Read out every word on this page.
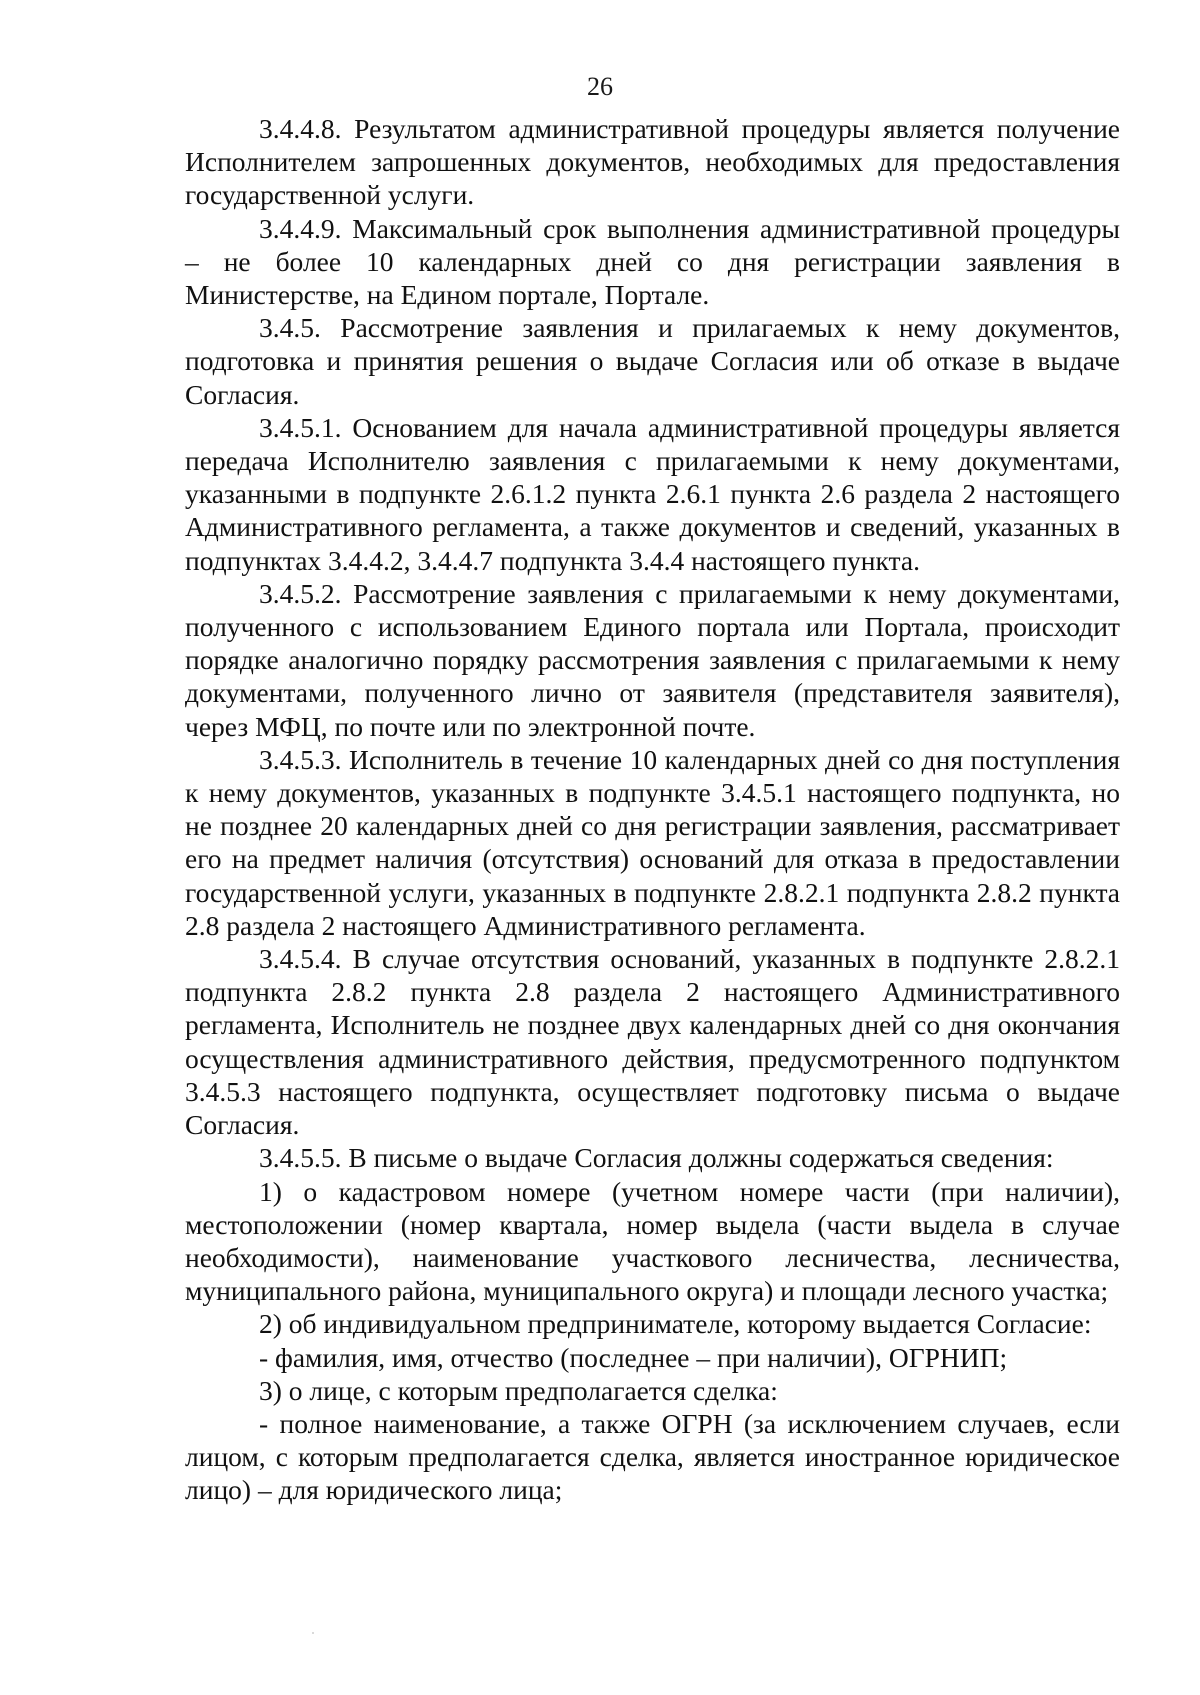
26

3.4.4.8. Результатом административной процедуры является получение Исполнителем запрошенных документов, необходимых для предоставления государственной услуги.

3.4.4.9. Максимальный срок выполнения административной процедуры – не более 10 календарных дней со дня регистрации заявления в Министерстве, на Едином портале, Портале.

3.4.5. Рассмотрение заявления и прилагаемых к нему документов, подготовка и принятия решения о выдаче Согласия или об отказе в выдаче Согласия.

3.4.5.1. Основанием для начала административной процедуры является передача Исполнителю заявления с прилагаемыми к нему документами, указанными в подпункте 2.6.1.2 пункта 2.6.1 пункта 2.6 раздела 2 настоящего Административного регламента, а также документов и сведений, указанных в подпунктах 3.4.4.2, 3.4.4.7 подпункта 3.4.4 настоящего пункта.

3.4.5.2. Рассмотрение заявления с прилагаемыми к нему документами, полученного с использованием Единого портала или Портала, происходит порядке аналогично порядку рассмотрения заявления с прилагаемыми к нему документами, полученного лично от заявителя (представителя заявителя), через МФЦ, по почте или по электронной почте.

3.4.5.3. Исполнитель в течение 10 календарных дней со дня поступления к нему документов, указанных в подпункте 3.4.5.1 настоящего подпункта, но не позднее 20 календарных дней со дня регистрации заявления, рассматривает его на предмет наличия (отсутствия) оснований для отказа в предоставлении государственной услуги, указанных в подпункте 2.8.2.1 подпункта 2.8.2 пункта 2.8 раздела 2 настоящего Административного регламента.

3.4.5.4. В случае отсутствия оснований, указанных в подпункте 2.8.2.1 подпункта 2.8.2 пункта 2.8 раздела 2 настоящего Административного регламента, Исполнитель не позднее двух календарных дней со дня окончания осуществления административного действия, предусмотренного подпунктом 3.4.5.3 настоящего подпункта, осуществляет подготовку письма о выдаче Согласия.

3.4.5.5. В письме о выдаче Согласия должны содержаться сведения:

1) о кадастровом номере (учетном номере части (при наличии), местоположении (номер квартала, номер выдела (части выдела в случае необходимости), наименование участкового лесничества, лесничества, муниципального района, муниципального округа) и площади лесного участка;

2) об индивидуальном предпринимателе, которому выдается Согласие:

- фамилия, имя, отчество (последнее – при наличии), ОГРНИП;

3) о лице, с которым предполагается сделка:

- полное наименование, а также ОГРН (за исключением случаев, если лицом, с которым предполагается сделка, является иностранное юридическое лицо) – для юридического лица;
